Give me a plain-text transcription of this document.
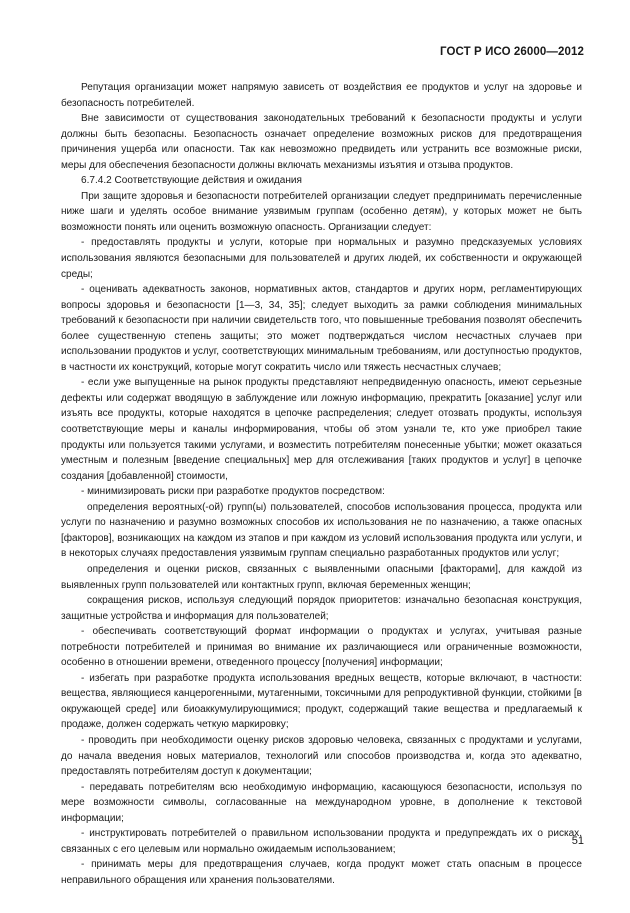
ГОСТ Р ИСО 26000—2012

Репутация организации может напрямую зависеть от воздействия ее продуктов и услуг на здоровье и безопасность потребителей.

Вне зависимости от существования законодательных требований к безопасности продукты и услуги должны быть безопасны. Безопасность означает определение возможных рисков для предотвращения причинения ущерба или опасности. Так как невозможно предвидеть или устранить все возможные риски, меры для обеспечения безопасности должны включать механизмы изъятия и отзыва продуктов.

6.7.4.2 Соответствующие действия и ожидания

При защите здоровья и безопасности потребителей организации следует предпринимать перечисленные ниже шаги и уделять особое внимание уязвимым группам (особенно детям), у которых может не быть возможности понять или оценить возможную опасность. Организации следует:

- предоставлять продукты и услуги, которые при нормальных и разумно предсказуемых условиях использования являются безопасными для пользователей и других людей, их собственности и окружающей среды;

- оценивать адекватность законов, нормативных актов, стандартов и других норм, регламентирующих вопросы здоровья и безопасности [1—3, 34, 35]; следует выходить за рамки соблюдения минимальных требований к безопасности при наличии свидетельств того, что повышенные требования позволят обеспечить более существенную степень защиты; это может подтверждаться числом несчастных случаев при использовании продуктов и услуг, соответствующих минимальным требованиям, или доступностью продуктов, в частности их конструкций, которые могут сократить число или тяжесть несчастных случаев;

- если уже выпущенные на рынок продукты представляют непредвиденную опасность, имеют серьезные дефекты или содержат вводящую в заблуждение или ложную информацию, прекратить [оказание] услуг или изъять все продукты, которые находятся в цепочке распределения; следует отозвать продукты, используя соответствующие меры и каналы информирования, чтобы об этом узнали те, кто уже приобрел такие продукты или пользуется такими услугами, и возместить потребителям понесенные убытки; может оказаться уместным и полезным [введение специальных] мер для отслеживания [таких продуктов и услуг] в цепочке создания [добавленной] стоимости,

- минимизировать риски при разработке продуктов посредством:

определения вероятных(-ой) групп(ы) пользователей, способов использования процесса, продукта или услуги по назначению и разумно возможных способов их использования не по назначению, а также опасных [факторов], возникающих на каждом из этапов и при каждом из условий использования продукта или услуги, и в некоторых случаях предоставления уязвимым группам специально разработанных продуктов или услуг;

определения и оценки рисков, связанных с выявленными опасными [факторами], для каждой из выявленных групп пользователей или контактных групп, включая беременных женщин;

сокращения рисков, используя следующий порядок приоритетов: изначально безопасная конструкция, защитные устройства и информация для пользователей;

- обеспечивать соответствующий формат информации о продуктах и услугах, учитывая разные потребности потребителей и принимая во внимание их различающиеся или ограниченные возможности, особенно в отношении времени, отведенного процессу [получения] информации;

- избегать при разработке продукта использования вредных веществ, которые включают, в частности: вещества, являющиеся канцерогенными, мутагенными, токсичными для репродуктивной функции, стойкими [в окружающей среде] или биоаккумулирующимися; продукт, содержащий такие вещества и предлагаемый к продаже, должен содержать четкую маркировку;

- проводить при необходимости оценку рисков здоровью человека, связанных с продуктами и услугами, до начала введения новых материалов, технологий или способов производства и, когда это адекватно, предоставлять потребителям доступ к документации;

- передавать потребителям всю необходимую информацию, касающуюся безопасности, используя по мере возможности символы, согласованные на международном уровне, в дополнение к текстовой информации;

- инструктировать потребителей о правильном использовании продукта и предупреждать их о рисках, связанных с его целевым или нормально ожидаемым использованием;

- принимать меры для предотвращения случаев, когда продукт может стать опасным в процессе неправильного обращения или хранения пользователями.

51
